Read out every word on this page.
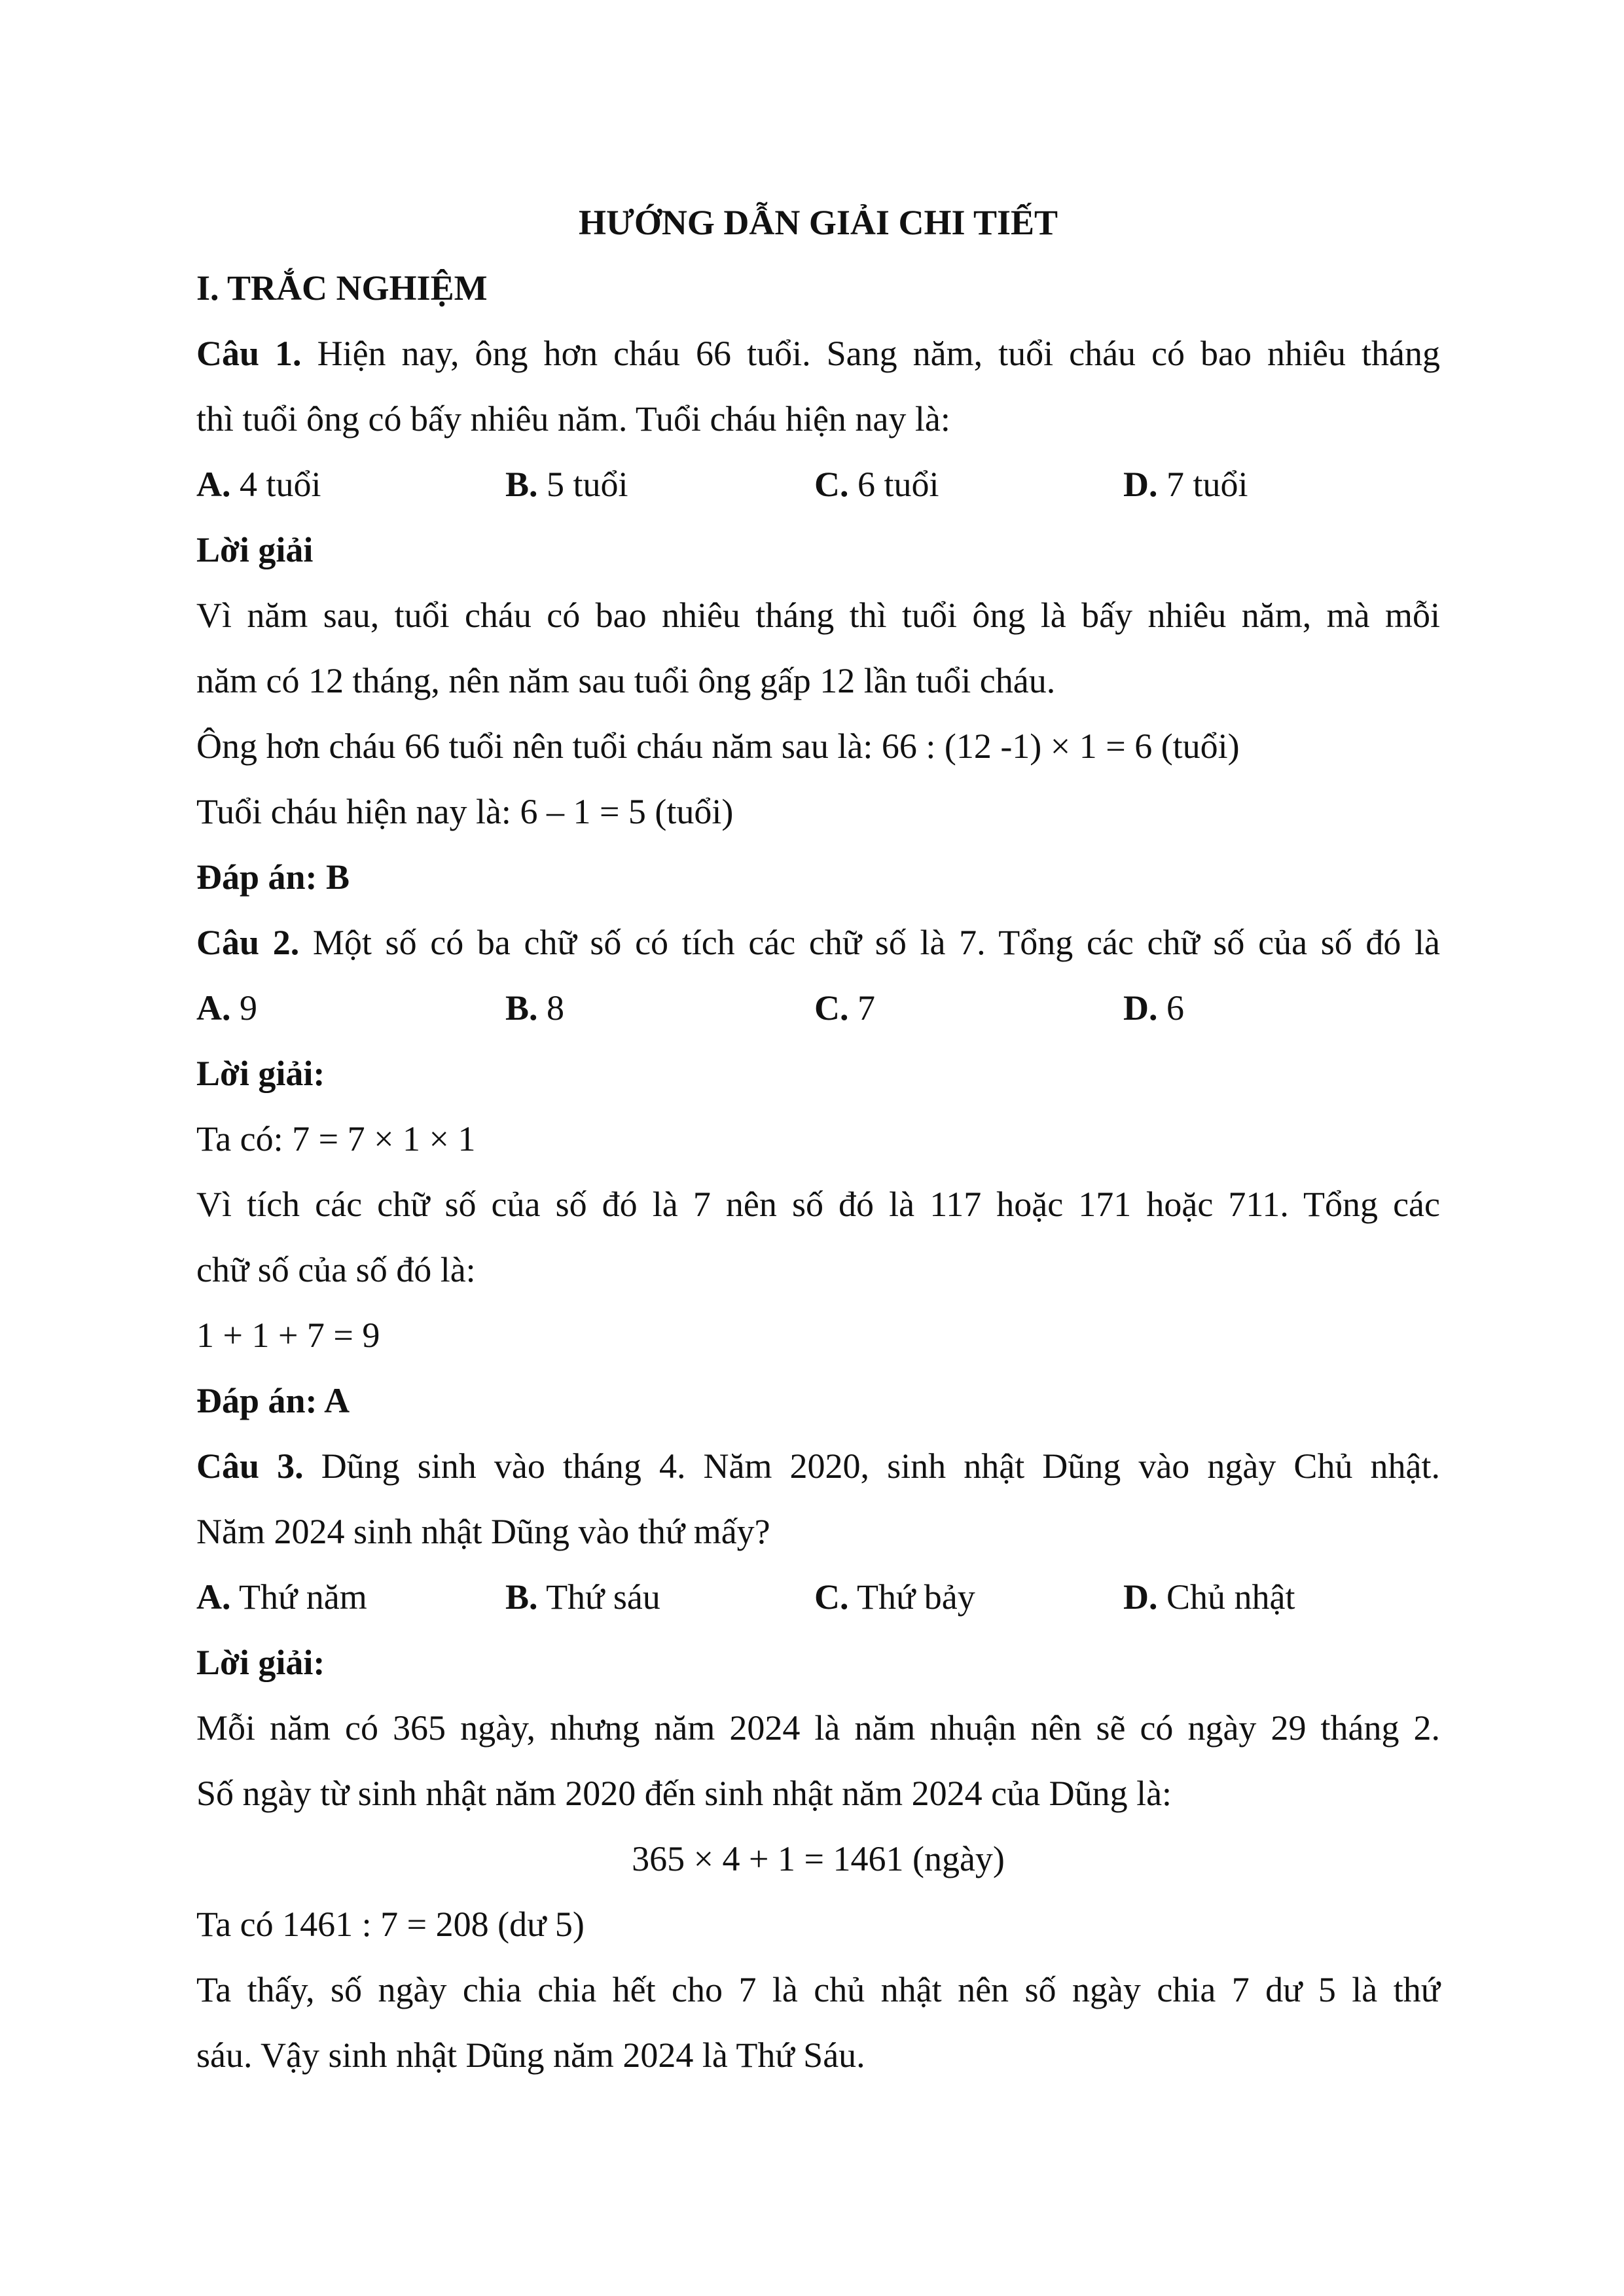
HƯỚNG DẪN GIẢI CHI TIẾT
I. TRẮC NGHIỆM
Câu 1. Hiện nay, ông hơn cháu 66 tuổi. Sang năm, tuổi cháu có bao nhiêu tháng
thì tuổi ông có bấy nhiêu năm. Tuổi cháu hiện nay là:
A. 4 tuổi	B. 5 tuổi	C. 6 tuổi	D. 7 tuổi
Lời giải
Vì năm sau, tuổi cháu có bao nhiêu tháng thì tuổi ông là bấy nhiêu năm, mà mỗi
năm có 12 tháng, nên năm sau tuổi ông gấp 12 lần tuổi cháu.
Ông hơn cháu 66 tuổi nên tuổi cháu năm sau là: 66 : (12 -1) × 1 = 6 (tuổi)
Tuổi cháu hiện nay là: 6 – 1 = 5 (tuổi)
Đáp án: B
Câu 2. Một số có ba chữ số có tích các chữ số là 7. Tổng các chữ số của số đó là
A. 9	B. 8	C. 7	D. 6
Lời giải:
Ta có: 7 = 7 × 1 × 1
Vì tích các chữ số của số đó là 7 nên số đó là 117 hoặc 171 hoặc 711. Tổng các
chữ số của số đó là:
1 + 1 + 7 = 9
Đáp án: A
Câu 3. Dũng sinh vào tháng 4. Năm 2020, sinh nhật Dũng vào ngày Chủ nhật.
Năm 2024 sinh nhật Dũng vào thứ mấy?
A. Thứ năm	B. Thứ sáu	C. Thứ bảy	D. Chủ nhật
Lời giải:
Mỗi năm có 365 ngày, nhưng năm 2024 là năm nhuận nên sẽ có ngày 29 tháng 2.
Số ngày từ sinh nhật năm 2020 đến sinh nhật năm 2024 của Dũng là:
365 × 4 + 1 = 1461 (ngày)
Ta có 1461 : 7 = 208 (dư 5)
Ta thấy, số ngày chia chia hết cho 7 là chủ nhật nên số ngày chia 7 dư 5 là thứ
sáu. Vậy sinh nhật Dũng năm 2024 là Thứ Sáu.
